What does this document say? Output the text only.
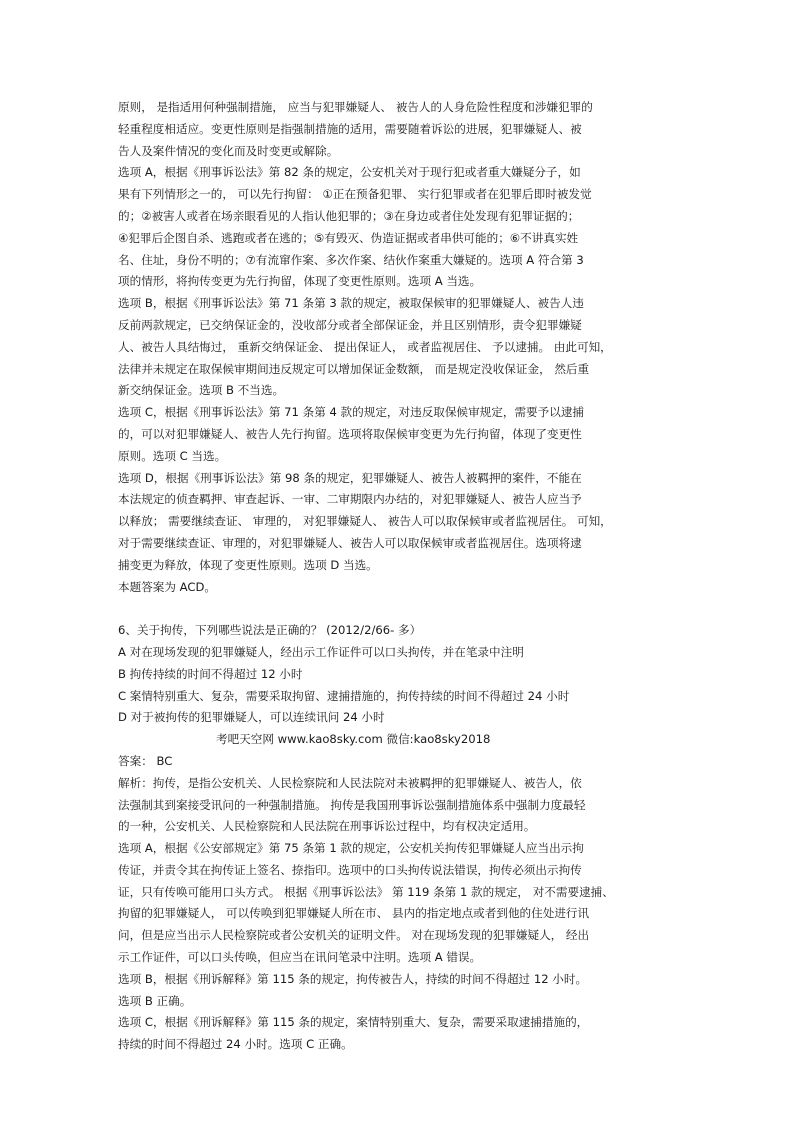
原则， 是指适用何种强制措施， 应当与犯罪嫌疑人、 被告人的人身危险性程度和涉嫌犯罪的
轻重程度相适应。变更性原则是指强制措施的适用，需要随着诉讼的进展，犯罪嫌疑人、被
告人及案件情况的变化而及时变更或解除。
选项 A，根据《刑事诉讼法》第 82 条的规定，公安机关对于现行犯或者重大嫌疑分子，如
果有下列情形之一的， 可以先行拘留： ①正在预备犯罪、 实行犯罪或者在犯罪后即时被发觉
的；②被害人或者在场亲眼看见的人指认他犯罪的；③在身边或者住处发现有犯罪证据的；
④犯罪后企图自杀、逃跑或者在逃的；⑤有毁灭、伪造证据或者串供可能的；⑥不讲真实姓
名、住址，身份不明的；⑦有流窜作案、多次作案、结伙作案重大嫌疑的。选项 A 符合第 3
项的情形，将拘传变更为先行拘留，体现了变更性原则。选项 A 当选。
选项 B，根据《刑事诉讼法》第 71 条第 3 款的规定，被取保候审的犯罪嫌疑人、被告人违
反前两款规定，已交纳保证金的，没收部分或者全部保证金，并且区别情形，责令犯罪嫌疑
人、被告人具结悔过， 重新交纳保证金、 提出保证人， 或者监视居住、 予以逮捕。 由此可知，
法律并未规定在取保候审期间违反规定可以增加保证金数额， 而是规定没收保证金， 然后重
新交纳保证金。选项 B 不当选。
选项 C，根据《刑事诉讼法》第 71 条第 4 款的规定，对违反取保候审规定，需要予以逮捕
的，可以对犯罪嫌疑人、被告人先行拘留。选项将取保候审变更为先行拘留，体现了变更性
原则。选项 C 当选。
选项 D，根据《刑事诉讼法》第 98 条的规定，犯罪嫌疑人、被告人被羁押的案件，不能在
本法规定的侦查羁押、审查起诉、一审、二审期限内办结的，对犯罪嫌疑人、被告人应当予
以释放； 需要继续查证、 审理的， 对犯罪嫌疑人、 被告人可以取保候审或者监视居住。 可知，
对于需要继续查证、审理的，对犯罪嫌疑人、被告人可以取保候审或者监视居住。选项将逮
捕变更为释放，体现了变更性原则。选项 D 当选。
本题答案为 ACD。
6、关于拘传，下列哪些说法是正确的？ (2012/2/66- 多）
A 对在现场发现的犯罪嫌疑人，经出示工作证件可以口头拘传，并在笔录中注明
B 拘传持续的时间不得超过 12 小时
C 案情特别重大、复杂，需要采取拘留、逮捕措施的，拘传持续的时间不得超过 24 小时
D 对于被拘传的犯罪嫌疑人，可以连续讯问 24 小时
考吧天空网 www.kao8sky.com 微信:kao8sky2018
答案： BC
解析：拘传，是指公安机关、人民检察院和人民法院对未被羁押的犯罪嫌疑人、被告人，依
法强制其到案接受讯问的一种强制措施。 拘传是我国刑事诉讼强制措施体系中强制力度最轻
的一种，公安机关、人民检察院和人民法院在刑事诉讼过程中，均有权决定适用。
选项 A，根据《公安部规定》第 75 条第 1 款的规定，公安机关拘传犯罪嫌疑人应当出示拘
传证，并责令其在拘传证上签名、捺指印。选项中的口头拘传说法错误，拘传必须出示拘传
证，只有传唤可能用口头方式。 根据《刑事诉讼法》 第 119 条第 1 款的规定， 对不需要逮捕、
拘留的犯罪嫌疑人， 可以传唤到犯罪嫌疑人所在市、 县内的指定地点或者到他的住处进行讯
问，但是应当出示人民检察院或者公安机关的证明文件。 对在现场发现的犯罪嫌疑人， 经出
示工作证件，可以口头传唤，但应当在讯问笔录中注明。选项 A 错误。
选项 B，根据《刑诉解释》第 115 条的规定，拘传被告人，持续的时间不得超过 12 小时。
选项 B 正确。
选项 C，根据《刑诉解释》第 115 条的规定，案情特别重大、复杂，需要采取逮捕措施的，
持续的时间不得超过 24 小时。选项 C 正确。
